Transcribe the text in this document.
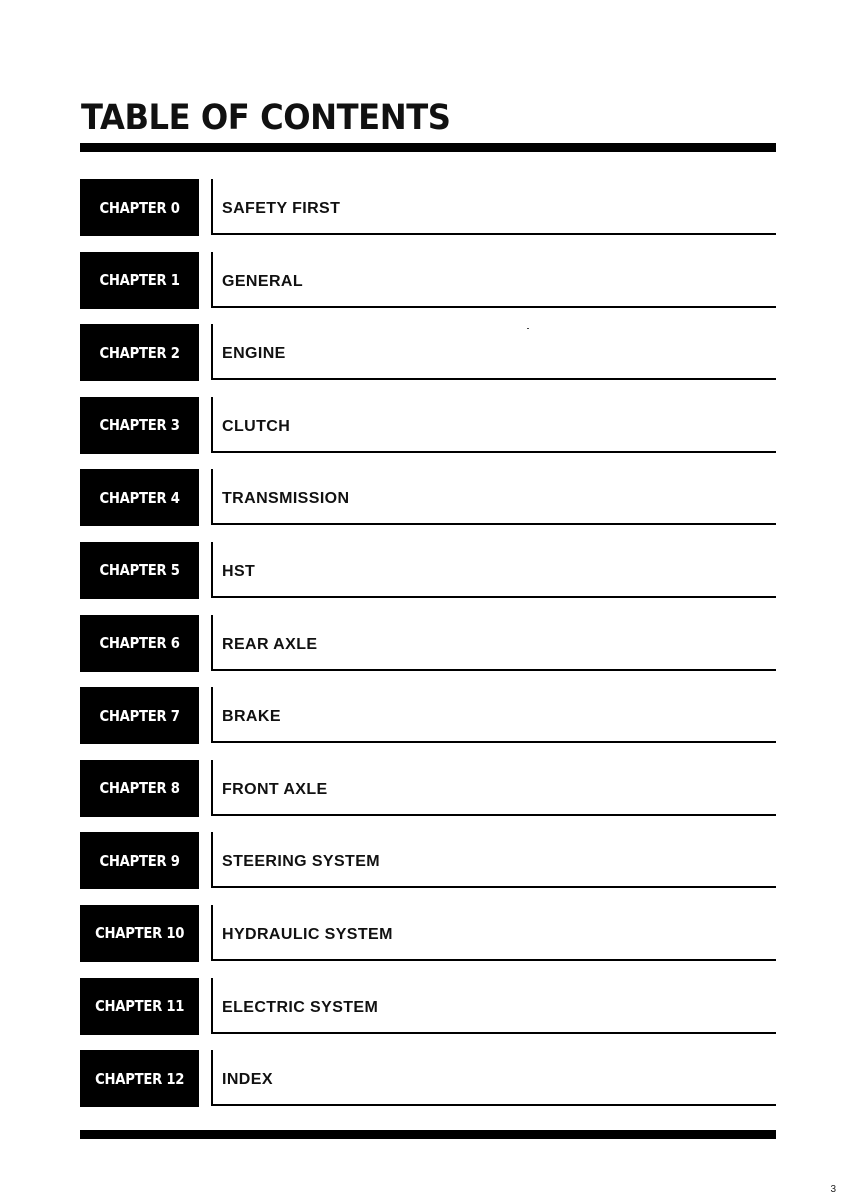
TABLE OF CONTENTS
CHAPTER 0	SAFETY FIRST
CHAPTER 1	GENERAL
CHAPTER 2	ENGINE
CHAPTER 3	CLUTCH
CHAPTER 4	TRANSMISSION
CHAPTER 5	HST
CHAPTER 6	REAR AXLE
CHAPTER 7	BRAKE
CHAPTER 8	FRONT AXLE
CHAPTER 9	STEERING SYSTEM
CHAPTER 10 HYDRAULIC SYSTEM
CHAPTER 11 ELECTRIC SYSTEM
CHAPTER 12 INDEX
3
